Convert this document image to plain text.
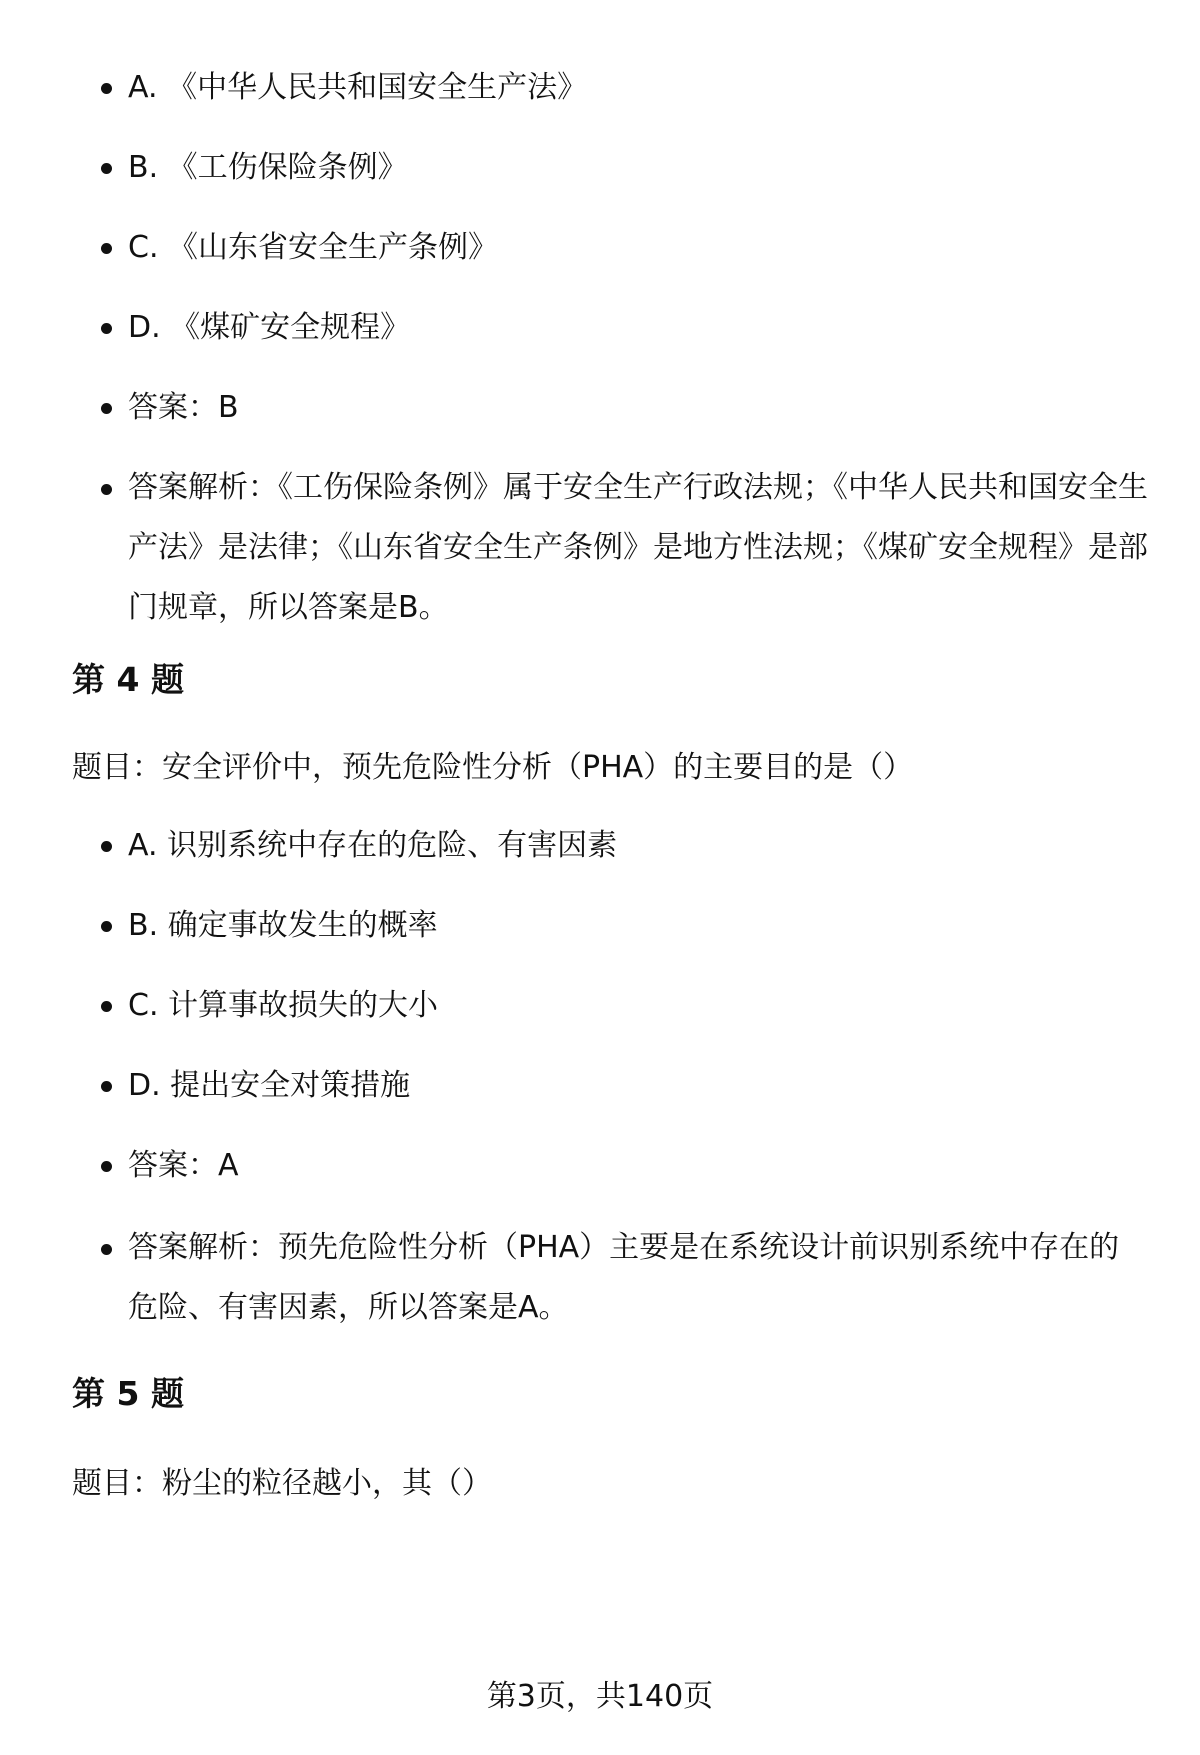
A. 《中华人民共和国安全生产法》
B. 《工伤保险条例》
C. 《山东省安全生产条例》
D. 《煤矿安全规程》
答案：B
答案解析：《工伤保险条例》属于安全生产行政法规；《中华人民共和国安全生产法》是法律；《山东省安全生产条例》是地方性法规；《煤矿安全规程》是部门规章，所以答案是B。
第 4 题
题目：安全评价中，预先危险性分析（PHA）的主要目的是（）
A. 识别系统中存在的危险、有害因素
B. 确定事故发生的概率
C. 计算事故损失的大小
D. 提出安全对策措施
答案：A
答案解析：预先危险性分析（PHA）主要是在系统设计前识别系统中存在的危险、有害因素，所以答案是A。
第 5 题
题目：粉尘的粒径越小，其（）
第3页，共140页
